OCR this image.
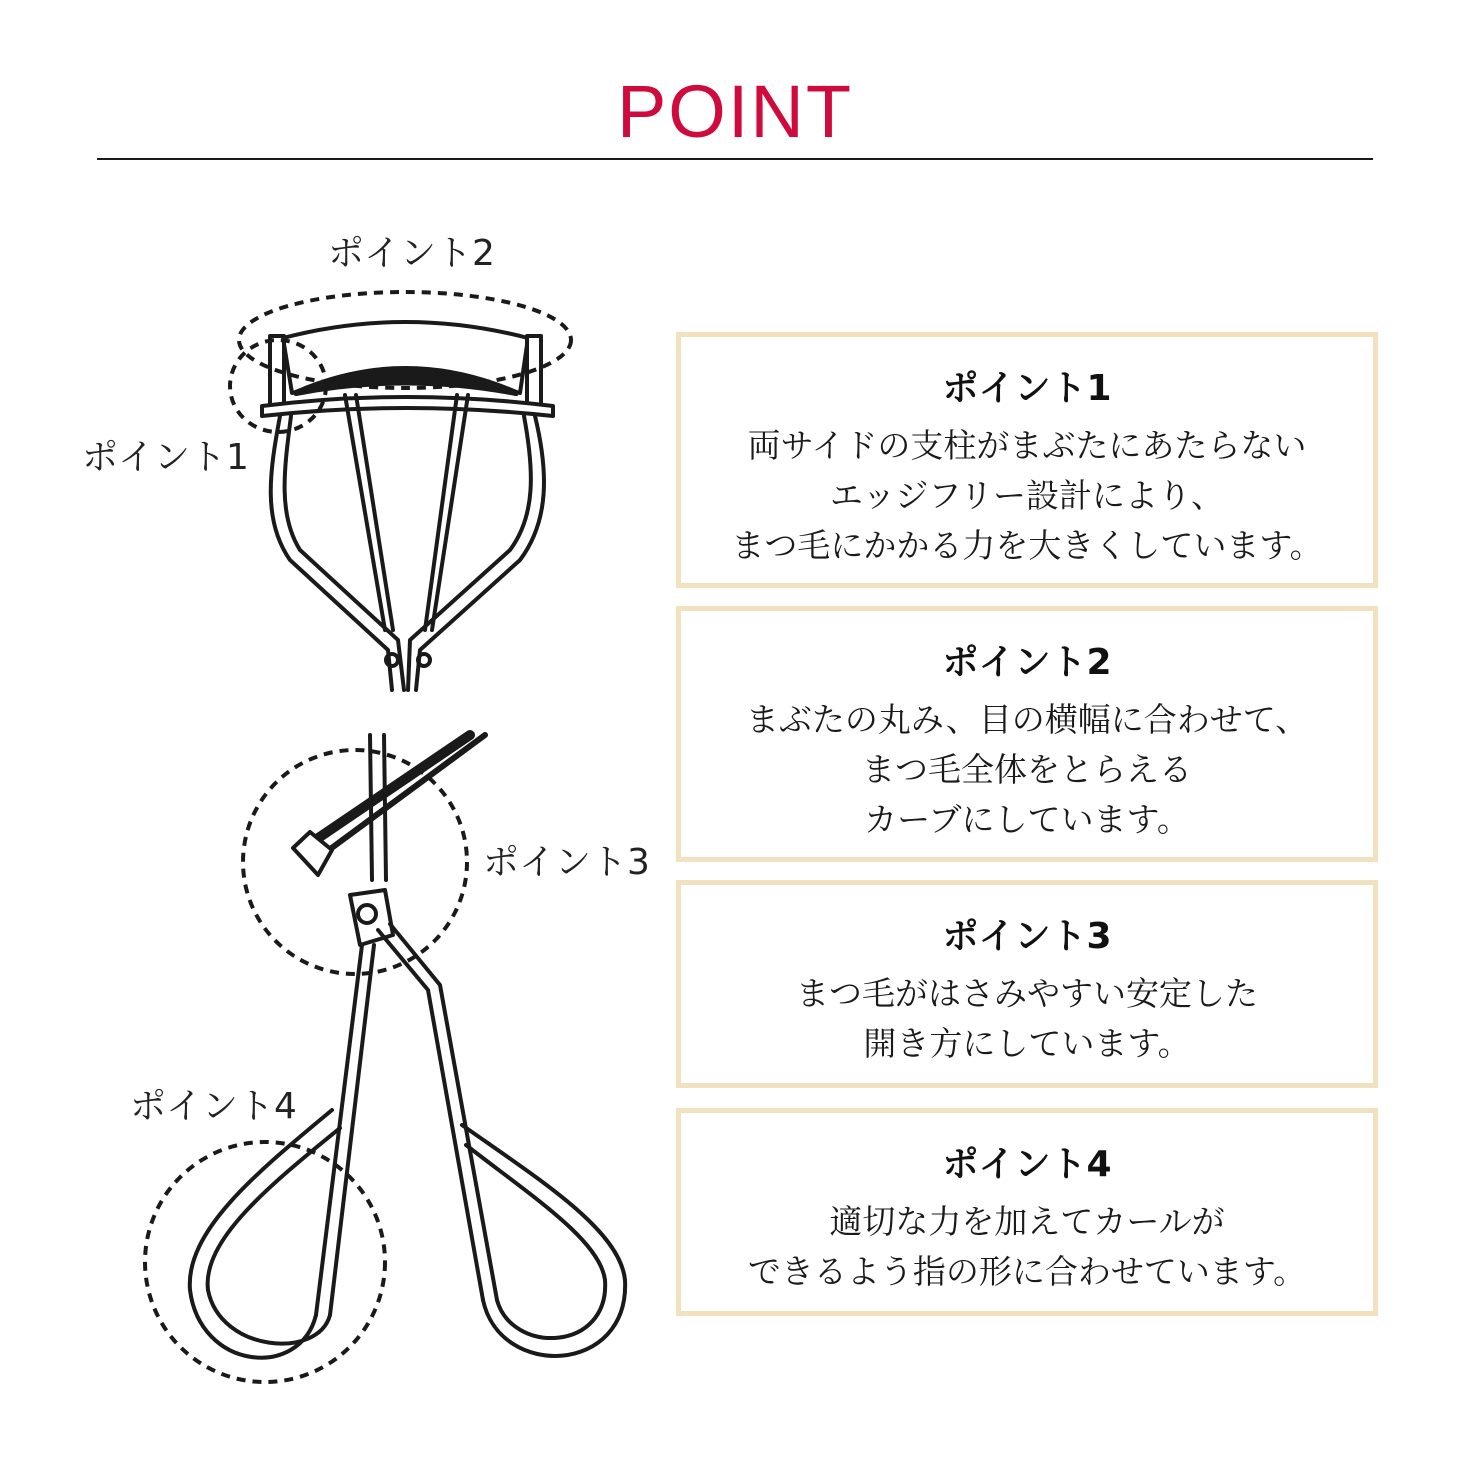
POINT
ポイント2
ポイント1
ポイント3
ポイント4
ポイント1
両サイドの支柱がまぶたにあたらない
エッジフリー設計により、
まつ毛にかかる力を大きくしています。
ポイント2
まぶたの丸み、目の横幅に合わせて、
まつ毛全体をとらえる
カーブにしています。
ポイント3
まつ毛がはさみやすい安定した
開き方にしています。
ポイント4
適切な力を加えてカールが
できるよう指の形に合わせています。
